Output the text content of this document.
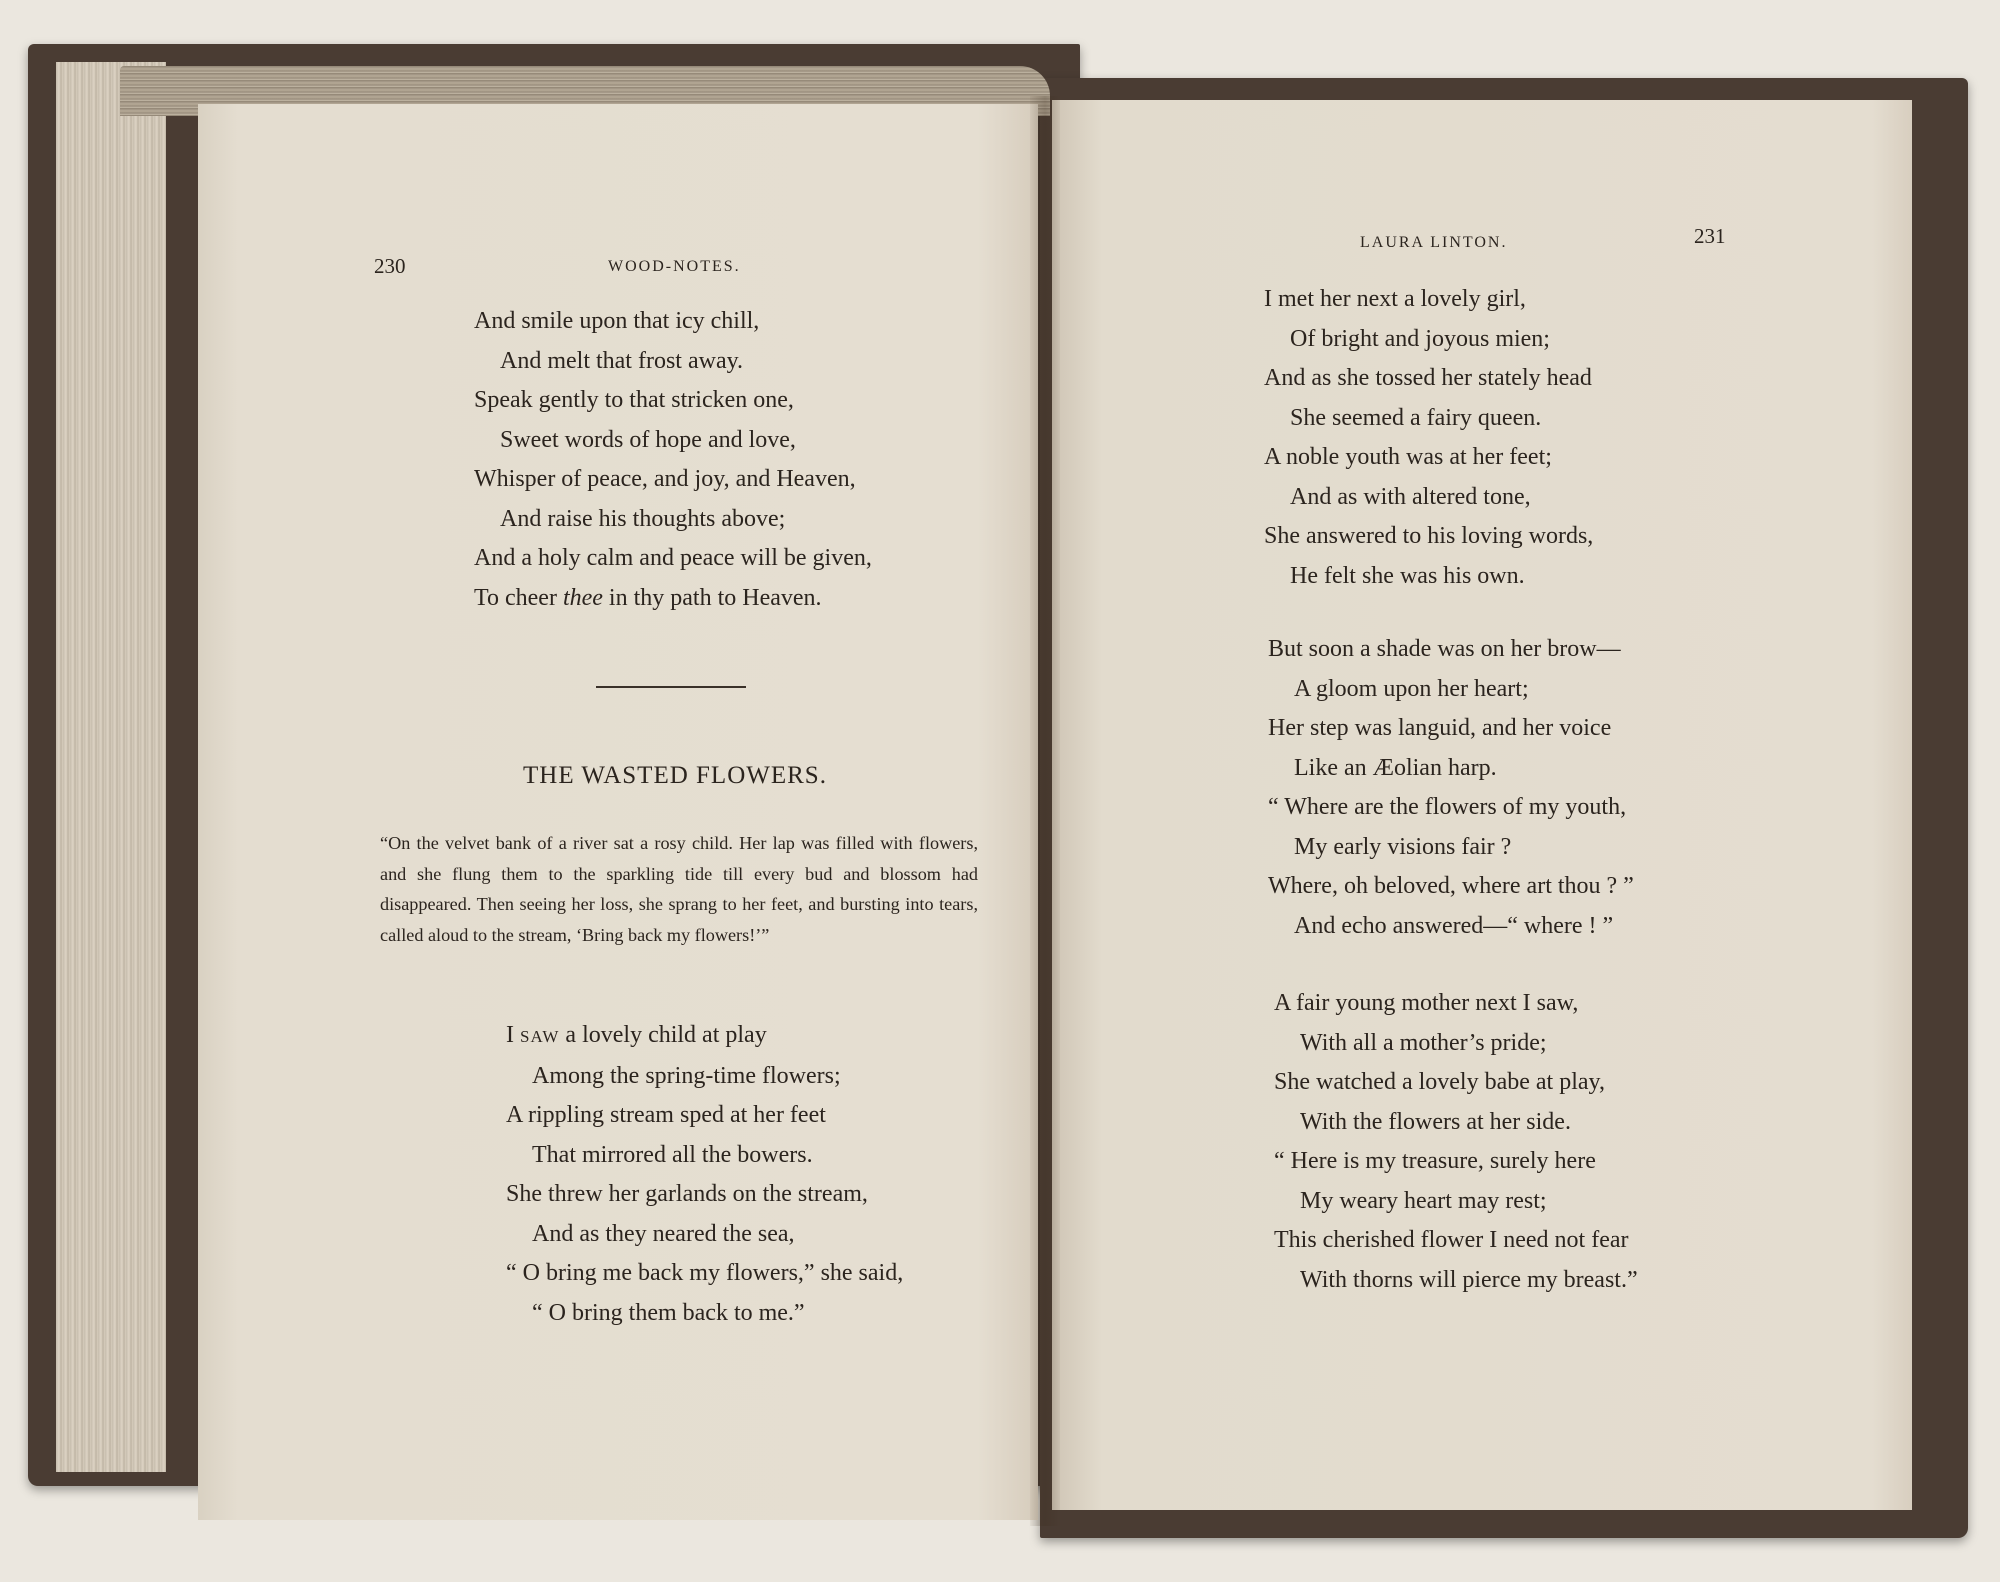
230	WOOD-NOTES.
And smile upon that icy chill,
And melt that frost away.
Speak gently to that stricken one,
Sweet words of hope and love,
Whisper of peace, and joy, and Heaven,
And raise his thoughts above;
And a holy calm and peace will be given,
To cheer thee in thy path to Heaven.
THE WASTED FLOWERS.
“On the velvet bank of a river sat a rosy child. Her lap was filled with flowers, and she flung them to the sparkling tide till every bud and blossom had disappeared. Then seeing her loss, she sprang to her feet, and bursting into tears, called aloud to the stream, ‘Bring back my flowers!’”
I SAW a lovely child at play
Among the spring-time flowers;
A rippling stream sped at her feet
That mirrored all the bowers.
She threw her garlands on the stream,
And as they neared the sea,
“ O bring me back my flowers,” she said,
“ O bring them back to me.”
LAURA LINTON.	231
I met her next a lovely girl,
Of bright and joyous mien;
And as she tossed her stately head
She seemed a fairy queen.
A noble youth was at her feet;
And as with altered tone,
She answered to his loving words,
He felt she was his own.
But soon a shade was on her brow—
A gloom upon her heart;
Her step was languid, and her voice
Like an Æolian harp.
“ Where are the flowers of my youth,
My early visions fair ?
Where, oh beloved, where art thou ? ”
And echo answered—“ where ! ”
A fair young mother next I saw,
With all a mother’s pride;
She watched a lovely babe at play,
With the flowers at her side.
“ Here is my treasure, surely here
My weary heart may rest;
This cherished flower I need not fear
With thorns will pierce my breast.”
